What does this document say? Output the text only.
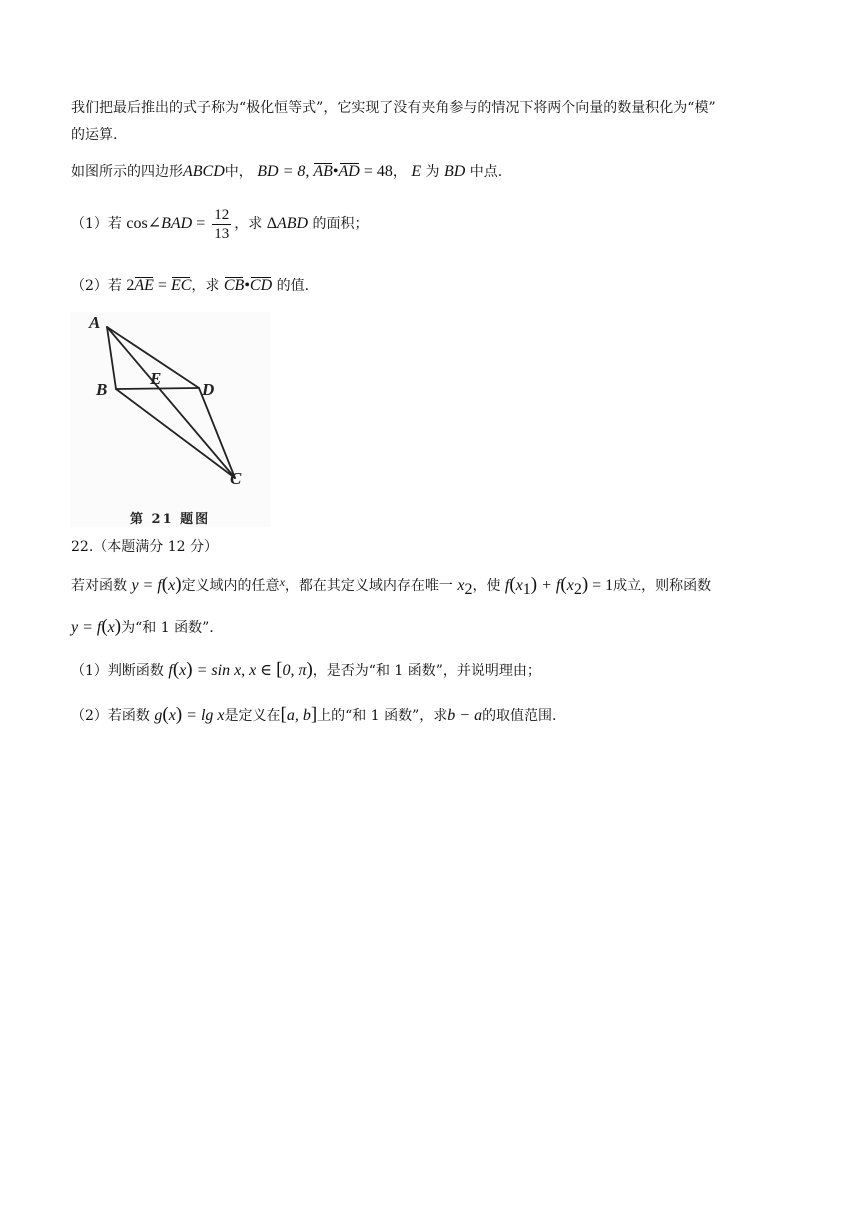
我们把最后推出的式子称为“极化恒等式”，它实现了没有夹角参与的情况下将两个向量的数量积化为“模”
的运算.
如图所示的四边形ABCD中， BD = 8, AB•AD = 48， E 为 BD 中点.
（1）若 cos∠BAD = $\frac{12}{13}$ ，求 ΔABD 的面积；
（2）若 2AE = EC，求 CB•CD 的值.
A
B
E
D
C
第 21 题图
22.（本题满分 12 分）
若对函数 y = f(x)定义域内的任意x，都在其定义域内存在唯一 $x_2$，使 $f(x_1) + f(x_2) = 1$成立，则称函数
y = f(x)为“和 1 函数”.
（1）判断函数 f(x) = sin x, x ∈ [0, π)，是否为“和 1 函数”，并说明理由；
（2）若函数 g(x) = lg x是定义在[a, b]上的“和 1 函数”，求b − a的取值范围.
